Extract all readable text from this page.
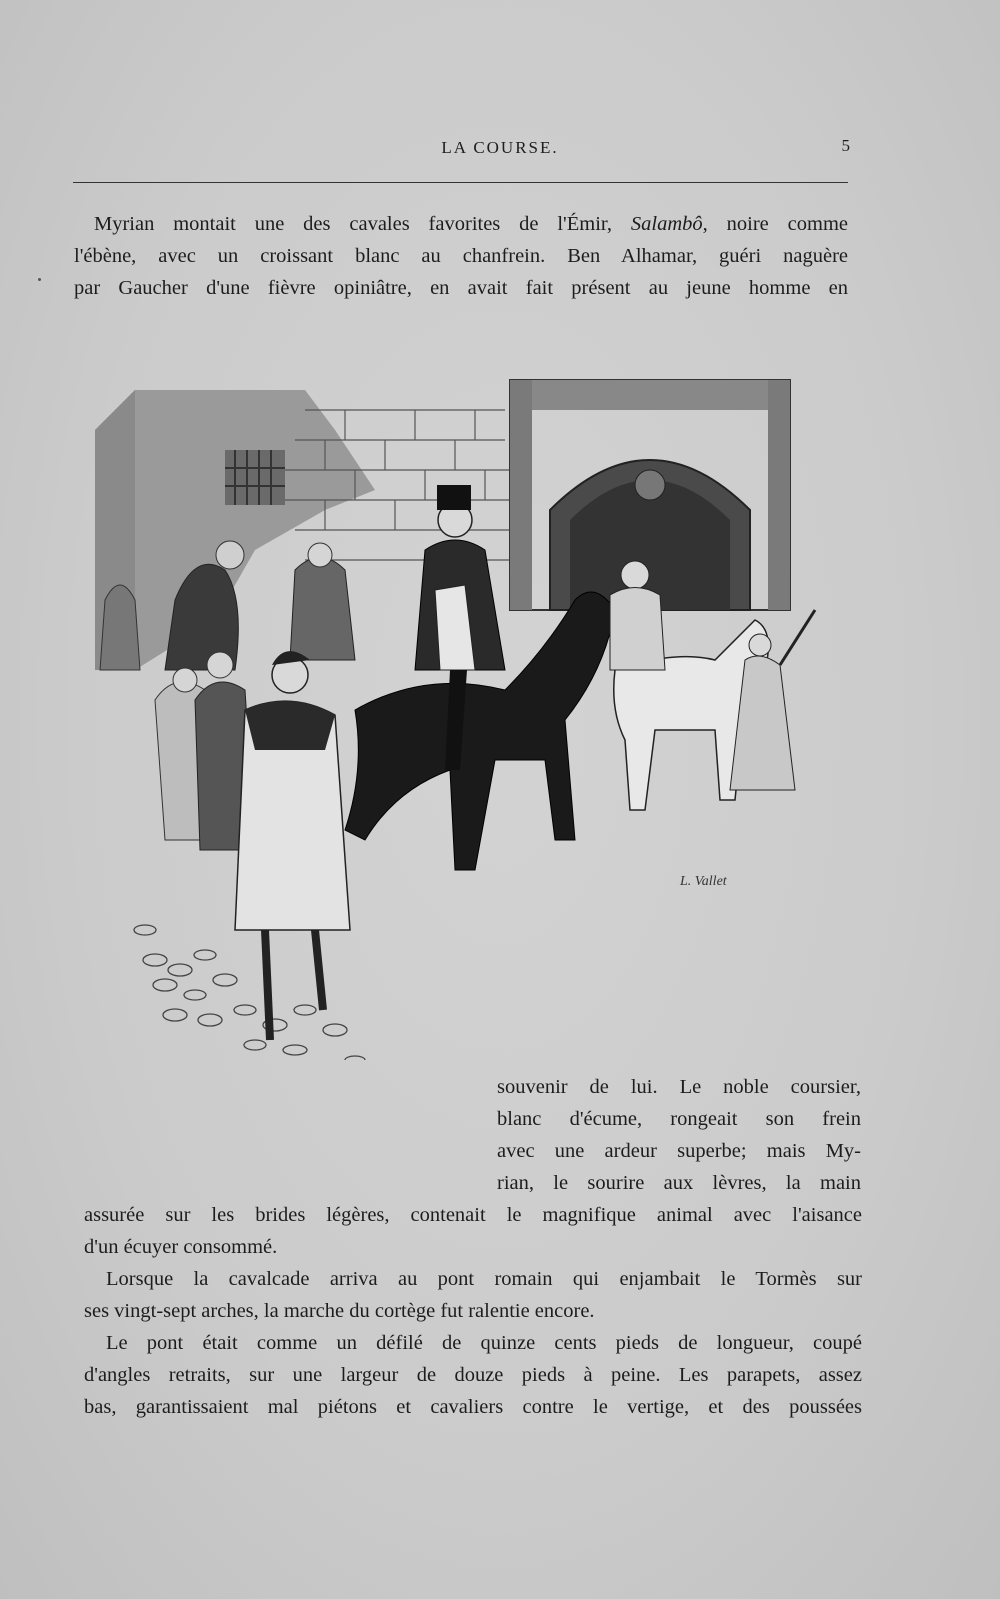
LA COURSE.	5
Myrian montait une des cavales favorites de l'Émir, Salambô, noire comme
l'ébène, avec un croissant blanc au chanfrein. Ben Alhamar, guéri naguère
par Gaucher d'une fièvre opiniâtre, en avait fait présent au jeune homme en
L. Vallet
souvenir de lui. Le noble coursier,
blanc d'écume, rongeait son frein
avec une ardeur superbe; mais My-
rian, le sourire aux lèvres, la main
assurée sur les brides légères, contenait le magnifique animal avec l'aisance
d'un écuyer consommé.
Lorsque la cavalcade arriva au pont romain qui enjambait le Tormès sur
ses vingt-sept arches, la marche du cortège fut ralentie encore.
Le pont était comme un défilé de quinze cents pieds de longueur, coupé
d'angles retraits, sur une largeur de douze pieds à peine. Les parapets, assez
bas, garantissaient mal piétons et cavaliers contre le vertige, et des poussées
